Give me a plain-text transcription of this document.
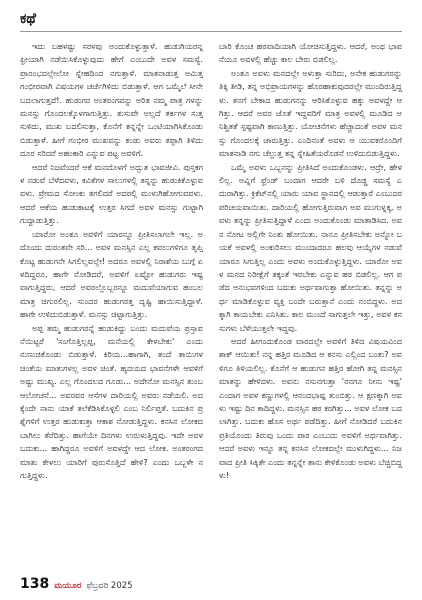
ಕಥೆ

ಇದು ಬಹಳಷ್ಟು ಸರಳವು ಅಂದುಕೊಳ್ಳುತ್ತಾಳೆ. ಹುಡುಗಿಯರನ್ನ ಫ್ರೀಯಾಗಿ ನಡೆಯಿಸಿಕೊಳ್ಳುವುದು ಹೇಗೆ ಎಂಬುದೇ ಅವಳ ಸಮಸ್ಯೆ. ಪ್ರಾರಂಭದಲ್ಲೇಲೋ ಸ್ನೇಹದಿಂದ ನಗುತ್ತಾಳೆ. ಮಾತನಾಡುತ್ತ ಅಮಿತ್ತ ಗಂಭೀರವಾಗಿ ವಿಷಯಗಳ ಚರ್ಚೆಗಿಳಿದು ಬಿಡುತ್ತಾಳೆ. ಆಗ ಒಮ್ಮೆಲೆ ಸೀನೇ ಬದಲಾಗುತ್ತದೆ!. ಹುಡುಗರ ಅಂತರಂಗವನ್ನು ಅರಿತ ನಮ್ಮ ಪಾತ್ರ ಗಳನ್ನು ಮನಸ್ಸು ಗೊಂದಲಕ್ಕೊಳಗಾಗುತ್ತಿತ್ತು. ತುಸುವೇ ಅಲ್ಲದೆ ತರ್ಕಗಳ ಸುತ್ತ ಸುಳಿದು, ಮುಖ ಬದಲಿಸುತ್ತಾ, ಕೊನೆಗೆ ತನ್ನನ್ನೇ ಒಂಟಿಯಾಗಿಸಿಕೊಂಡು ಬಿಡುತ್ತಾಳೆ. ಹೀಗೆ ಗಂಭೀರ ಮುಖವನ್ನು ಕಂಡು ಅವರು ತಪ್ಪಾಗಿ ತಿಳಿದು ದೂರ ಸರಿದರೆ ಅಹಂಕಾರಿ ಎನ್ನುವ ಪಟ್ಟ ಅವಳಿಗೆ.

ಆದರೆ ನಿಜವೆಂದರೆ ಆಕೆ ಮನದೊಳಗೆ ಅದ್ಭುತ ಭಾವಜೀವಿ. ಪುಸ್ತಕಗಳ ನಡುವೆ ಬೆಳೆದವಳು, ಕವಿತೆಗಳ ಸಾಲುಗಳಲ್ಲಿ ತನ್ನನ್ನು ಹುಡುಕಿಕೊಳ್ಳುವವಳು. ಪ್ರೇಮದ ಸೋಂಕು ತಗಲಿದರೆ ಅದರಲ್ಲಿ ಮುಳುಗಿಹೋಗುವವಳು. ಆದರೆ ಆಕೆಯ ಹುಡುಕಾಟಕ್ಕೆ ಉತ್ತರ ಸಿಗದೆ ಅವಳ ಮನಸ್ಸು ಗುಟ್ಟಾಗಿ ಗುದ್ದಾಡುತ್ತಿತ್ತು.

ಯಾರೋ ಅಂತೂ ಅವಳಿಗೆ ಯಾರನ್ನೂ ಪ್ರೀತಿಸಲಾಗಲೇ ಇಲ್ಲ. ಅದೊಂದು ದುರಂತವೇ ಸರಿ... ಅವಳ ಮನಸ್ಸಿನ ಎಲ್ಲ ಕವಲುಗಳಿಗೂ ತೃಪ್ತಿ ಕೊಟ್ಟ ಹುಡುಗನೇ ಸಿಗಲಿಲ್ಲವಲ್ಲೇ! ಅದರೂ ಅವಳಲ್ಲಿ ನಿರಾಶೆಯ ಬುಗ್ಗೆ ಏಳದಿದ್ದರೂ, ಹಾಗೇ ನೋಡಿದರೆ, ಅವಳಿಗೆ ಏಷ್ಟೋ ಹುಡುಗರು ಇಷ್ಟವಾಗುತ್ತಿದ್ದರು, ಆದರೆ ಅವರಲ್ಲೊಬ್ಬರನ್ನೂ ಮದುವೆಯಾಗುವ ಹಂಬಲ ಮಾತ್ರ ಚಿಗುರಲಿಲ್ಲ. ಸುಂದರ ಹುಡುಗರತ್ತ ದೃಷ್ಟಿ ಹಾಯಿಸುತ್ತಿದ್ದಾಳೆ. ಹಾಗೇ ಉಳಿದುಬಿಡುತ್ತಾಳೆ. ಮನಸ್ಸು ಚಿಟ್ಟಾಗುತ್ತಿತ್ತು.

ಅಪ್ಪ ತಮ್ಮ ಹುಡುಗರನ್ನೆ ಹುಡುಕಿದ್ದು ಬಂದು ಮದುವೆಯ ಪ್ರಸ್ತಾವನೆಯಿಟ್ಟರೆ 'ಸಂಗೊತ್ತಿಲ್ಲಪ್ಪ, ಮನೆಯಲ್ಲಿ ಕೇಳಬೇಕು' ಎಂದು ನುಣುಚಿಕೊಂಡು ಬಿಡುತ್ತಾಳೆ. ಕಿರಿಯ...ಹಾಗಾಗಿ, ತಂದೆ ತಾಯಿಗಳ ಚಿಂತೆಯ ಮಾತುಗಳಲ್ಲ ಅವಳ ಚಿಂತೆ. ಹೃದಯದ ಭಾವನೆಗಳೇ ಆವಳಿಗೆ ಅಷ್ಟು ಮುಖ್ಯ. ಎಲ್ಲ ಗೊಂದಲದ ಗೂಡು... ಅದೇನೋ ಮನಸ್ಸಿನ ತುಂಬ ಆಲೋಚನೆ... ಅವರವರ ಆಸೆಗಳ ದಾರಿಯಲ್ಲಿ ಅವರು ನಡೆಯಲಿ. ಅದಕ್ಕೆಂದೇ ನಾನು ಯಾಕೆ ತಲೆಕೆಡಿಸಿಕೊಳ್ಳಲಿ ಎಂಬ ನಿರ್ಲಿಪ್ತತೆ. ಬದುಕಿನ ಪ್ರಶ್ನೆಗಳಿಗೆ ಉತ್ತರ ಹುಡುಕುತ್ತಾ ಆಕಾಶ ನೋಡುತ್ತಿದ್ದಳು. ಕನಸಿನ ಲೋಕದ ಬಾಗಿಲು ತೆರೆದಿತ್ತು. ಹಾಗೆಯೇ ದಿನಗಳು ಉರುಳುತ್ತಿದ್ದವು. ಇದೇ ಅವಳ ಬದುಕು... ಹಾಗಿದ್ದರೂ ಅವಳಿಗೆ ಅವಳದ್ದೇ ಆದ ಲೋಕ. ಅಂತರಂಗದ ಮಾತು ಕೇಳಲು ಯಾರಿಗೆ ಪುರುಸೊತ್ತಿದೆ ಹೇಳಿ? ಎಂದು ಒಬ್ಬಳೇ ನಗುತ್ತಿದ್ದಳು.

ಬಾರಿ ಕೊಂಚ ಹಠವಾದಿಯಾಗಿ ಯೋಚಿಸುತ್ತಿದ್ದಳು. ಆದರೆ, ಅಂಥ ಭಾವನೆಯೂ ಅವಳಲ್ಲಿ ಹೆಚ್ಚು ಕಾಲ ಬೇರು ಬಿಡಲಿಲ್ಲ.

ಅಂತೂ ಅವಳು ಮನದಲ್ಲೇ ಅಳುತ್ತಾ ಸುರಿದು, ಅನೇಕ ಹುಡುಗರನ್ನು ತಿಕ್ಕಿ ತೀಡಿ, ತನ್ನ ಅಭಿಪ್ರಾಯಗಳನ್ನು ಹೊರಹಾಕುವುದರಲ್ಲೇ ಮುಂದಿರುತ್ತಿದ್ದಳು. ತನಗೆ ಬೇಕಾದ ಹುಡುಗನನ್ನು ಆರಿಸಿಕೊಳ್ಳುವ ಹಕ್ಕು ಅವಳದ್ದೇ ಆಗಿತ್ತು. ಆದರೆ ಅವರ ಜೊತೆ ಇದ್ದವರಿಗೆ ಮಾತ್ರ ಅವಳಲ್ಲಿ ಮೂಡಿದ ಅನಿಶ್ಚಿತತೆ ಸ್ಪಷ್ಟವಾಗಿ ಕಾಣುತ್ತಿತ್ತು. ಯೋಚನೆಗಳು ಹೆಚ್ಚಾದಂತೆ ಅವಳ ಮನಸ್ಸು ಗೊಂದಲಕ್ಕೆ ಜಾರುತ್ತಿತ್ತು. ಎಂದಿನಂತೆ ಅವಳು ಆ ಯುವಕರೊಂದಿಗೆ ಮಾತನಾಡಿ ನಗು ಚೆಲ್ಲುತ್ತ ತನ್ನ ಸ್ನೇಹಿತೆಯರೊಡನೆ ಉಳಿದುಬಿಡುತ್ತಿದ್ದಳು.

ಒಮ್ಮೆ ಅವಳು ಒಬ್ಬನನ್ನು ಪ್ರೀತಿಸಿದೆ ಅಂದುಕೊಂಡಳು. ಆದ್ರೇ, ಹೇಳಲಿಲ್ಲ. ಅವ್ನಿಗೆ ಫ್ರೆಂಡ್ ಬಂದಾಗ ಆದರೇ ಬಳಿ ದೊಡ್ಡ ಸಮಸ್ಯೆ ಎದುರಾಗಿತ್ತು. ಕ್ರಿಕೆಟ್‌ನಲ್ಲಿ ಯಾರು ಯಾವ ಸ್ಥಾನದಲ್ಲಿ ಆಡುತ್ತಾರೆ ಎಂಬುದರ ಪರಿಚಯವಾಯಿತು. ದಾರಿಯಲ್ಲಿ ಹೋಗುತ್ತಿರುವಾಗ ಅವ ಮುಗುಳ್ನಕ್ಕ, ಅವಳು ತನ್ನನ್ನು ಪ್ರೀತಿಸುತ್ತಿದ್ದಾಳೆ ಎಂದು ಅಂದುಕೊಂಡು ಮಾತಾಡಿಸಿದ. ಅವನ ನೋಟ ಅಲ್ಲಿಗೇ ನಿಂತು ಹೋಯಿತು. ನಾನೂ ಪ್ರೀತಿಸಬೇಕು ಅನ್ನೋ ಬಯಕೆ ಅವಳಲ್ಲಿ ಅಂಕುರಿಸಲು ಮುಂದಾದರೂ ಹಲವು ಆಯ್ಕೆಗಳ ನಡುವೆ ಯಾರೂ ಸಿಗುತ್ತಿಲ್ಲ ಎಂದು ಅವಳು ಅಂದುಕೊಳ್ಳುತ್ತಿದ್ದಳು. ಯಾರೋ ಅವಳ ಮನದ ನಿರೀಕ್ಷೆಗೆ ತಕ್ಕಂತೆ ಇರಬೇಕು ಎನ್ನುವ ಹಠ ಬಿಡಲಿಲ್ಲ. ಆಗ ಪಡೆದ ಅನುಭವಗಳಿಂದ ಬದುಕು ಅರ್ಥವಾಗುತ್ತಾ ಹೋಯಿತು. ತನ್ನನ್ನು ಅರ್ಥ ಮಾಡಿಕೊಳ್ಳುವ ವ್ಯಕ್ತಿ ಬಂದೇ ಬರುತ್ತಾನೆ ಎಂದು ನಂಬಿದ್ದಳು. ಅದಕ್ಕಾಗಿ ಕಾಯಬೇಕು ಎನಿಸಿತು. ಕಾಲ ಮುಂದೆ ಸಾಗುತ್ತಲೇ ಇತ್ತು, ಅವಳ ಕನಸುಗಳು ಬೆಳೆಯುತ್ತಲೇ ಇದ್ದವು.

ಆದರೆ ಹೀಗಂದುಕೊಂಡ ವಾರದಲ್ಲೇ ಅವಳಿಗೆ ತಿಳಿದ ವಿಷಯವಿಂದ ಶಾಕ್ ಆಯಿತು! ನನ್ನ ಹತ್ತಿರ ಮೂಡಿದ ಆ ಕನಸು ಎಲ್ಲಿಂದ ಬಂತು? ಅವಳಿಗೂ ತಿಳಿಯಲಿಲ್ಲ. ಕೊನೆಗೆ ಆ ಹುಡುಗನ ಹತ್ತಿರ ಹೋಗಿ ತನ್ನ ಮನಸ್ಸಿನ ಮಾತನ್ನು ಹೇಳಿದಳು. ಅವನು ನಸುನಗುತ್ತಾ 'ನನಗೂ ನೀನು ಇಷ್ಟ' ಎಂದಾಗ ಅವಳ ಕಣ್ಣುಗಳಲ್ಲಿ ಆನಂದಭಾಷ್ಪ ತುಂಬಿತ್ತು. ಆ ಕ್ಷಣಕ್ಕಾಗಿ ಅವಳು ಇಷ್ಟು ದಿನ ಕಾದಿದ್ದಳು. ಮನಸ್ಸಿನ ಹಠ ಕರಗಿತ್ತು... ಅವಳ ಲೋಕ ಬದಲಾಗಿತ್ತು. ಬದುಕು ಹೊಸ ಅರ್ಥ ಪಡೆದಿತ್ತು. ಹೀಗೆ ನೋಡಿದರೆ ಬದುಕಿನ ಪ್ರತಿಯೊಂದು ತಿರುವು ಒಂದು ಪಾಠ ಎಂಬುದು ಅವಳಿಗೆ ಅರ್ಥವಾಗಿತ್ತು. ಆದರೆ ಅವಳು ಇನ್ನೂ ತನ್ನ ಕನಸಿನ ಲೋಕದಲ್ಲೇ ಮುಳುಗಿದ್ದಳು... ನಿಜವಾದ ಪ್ರೀತಿ ಸಿಕ್ಕಿತೇ ಎಂದು ತನ್ನನ್ನೇ ತಾನು ಕೇಳಿಕೊಂಡು ಅವಳು ಬೆಚ್ಚಿಬಿದ್ದಳು!

138 ಮಯೂರ ಫೆಬ್ರವರಿ 2025
